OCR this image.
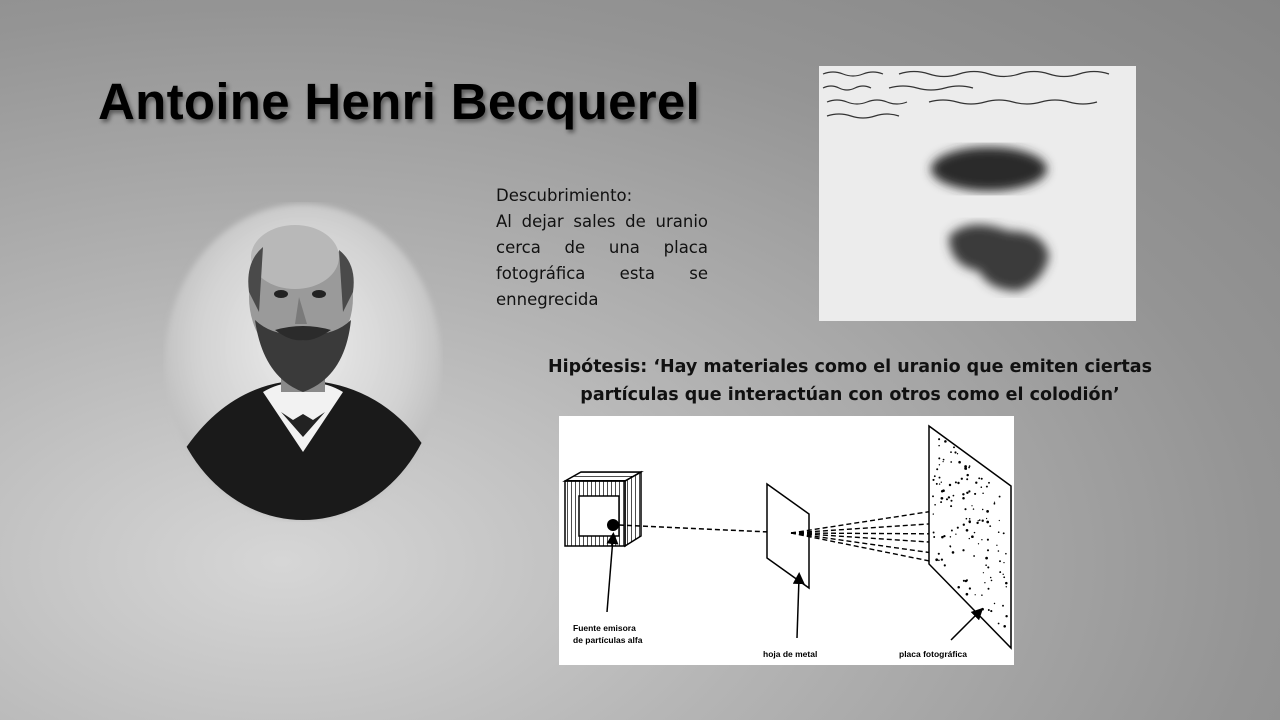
Antoine Henri Becquerel
Descubrimiento:
Al dejar sales de uranio cerca de una placa fotográfica esta se ennegrecida
Hipótesis: ‘Hay materiales como el uranio que emiten ciertas partículas que interactúan con otros como el colodión’
Fuente emisora
de partículas alfa
hoja de metal	placa fotográfica
